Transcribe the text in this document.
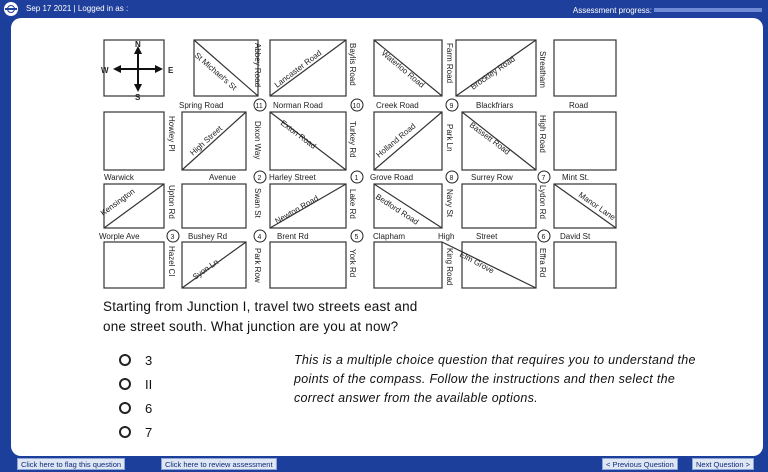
Sep 17 2021 | Logged in as :	Assessment progress:
N
S
W	E	Abbey Road	Baylis Road	Farm Road	Streatham
Dixon Way	Turkey Rd	Park Ln	High Road
Howley Pl
Swan St	Lake Rd	Navy St	Lydon Rd
Upton Rd
Hazel Cl	Park Row	York Rd	King Road	Effra Rd
St Michael's St	Lancaster Road	Waterloo Road	Brockley Road
High Street	Exton Road	Holland Road	Bassett Road
Kensington	Newton Road	Bedford Road	Manor Lane
Syon Ln	Elm Grove
Spring Road	Norman Road	Creek Road	Blackfriars	Road
Warwick	Avenue	Harley Street	Grove Road	Surrey Row	Mint St.
Worple Ave	Bushey Rd	Brent Rd	Clapham	High	Street	David St
11	10	9
2	1	8	7
3	4	5	6
Starting from Junction I, travel two streets east and
one street south. What junction are you at now?
3
II
6
7
This is a multiple choice question that requires you to understand the points of the compass. Follow the instructions and then select the correct answer from the available options.
Click here to flag this question	Click here to review assessment	< Previous Question	Next Question >
